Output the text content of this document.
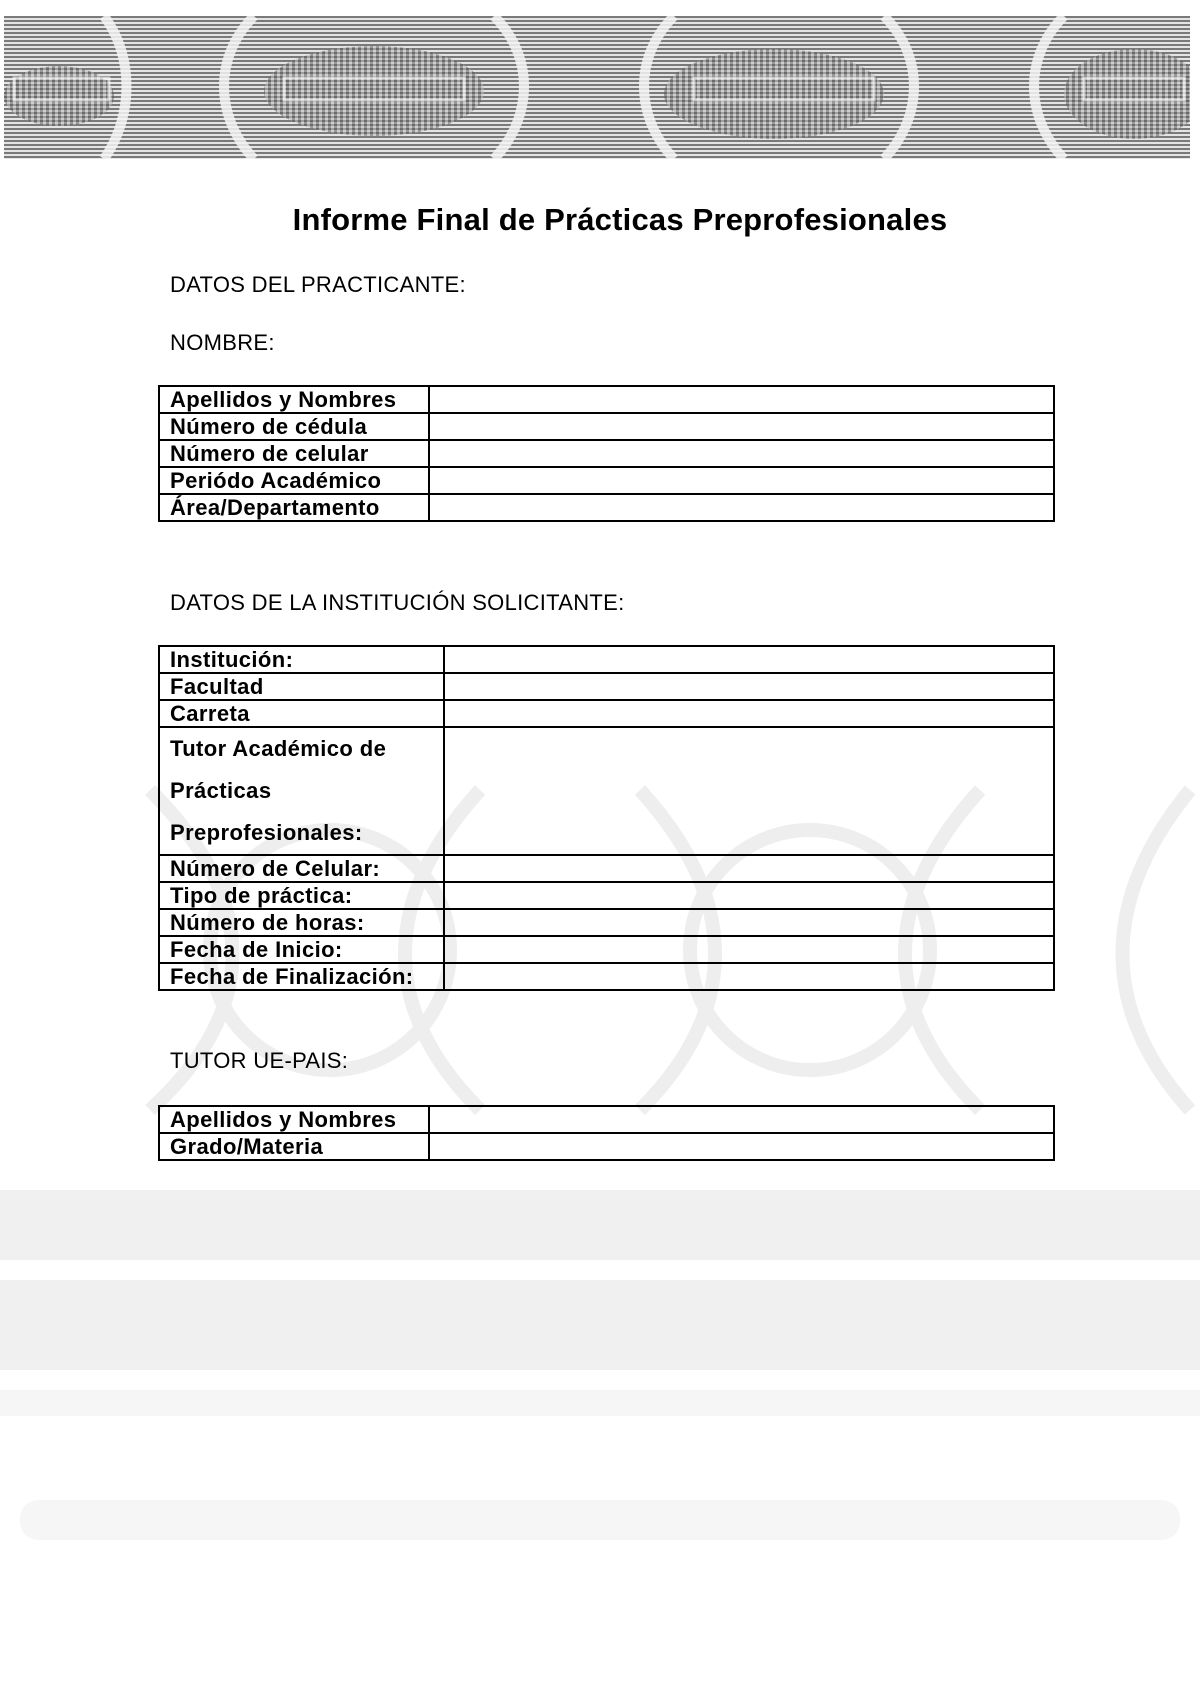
Informe Final de Prácticas Preprofesionales
DATOS DEL PRACTICANTE:
NOMBRE:
Apellidos y Nombres	
Número de cédula	
Número de celular	
Periódo Académico	
Área/Departamento	
DATOS DE LA INSTITUCIÓN SOLICITANTE:
Institución:	
Facultad	
Carreta	
Tutor Académico de Prácticas Preprofesionales:	
Número de Celular:	
Tipo de práctica:	
Número de horas:	
Fecha de Inicio:	
Fecha de Finalización:	
TUTOR UE-PAIS:
Apellidos y Nombres	
Grado/Materia	
